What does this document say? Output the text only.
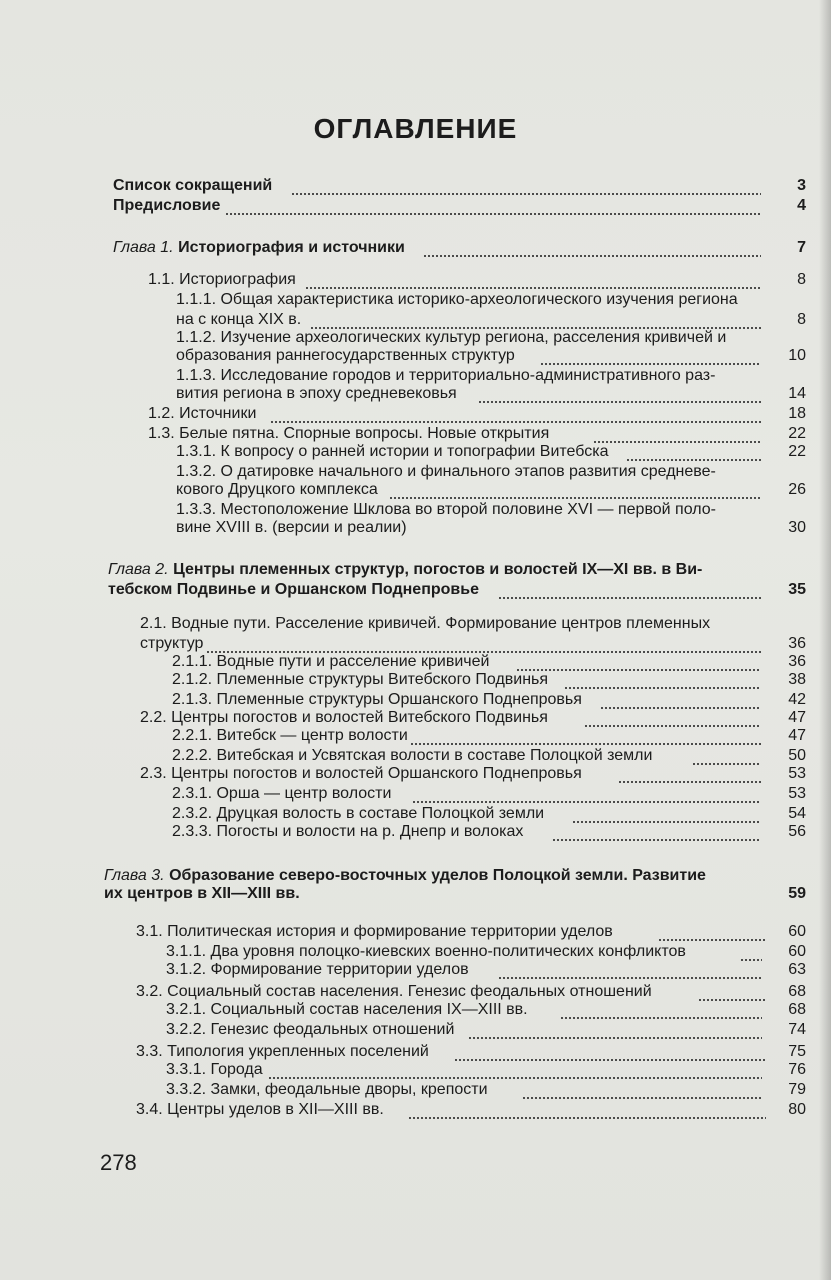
ОГЛАВЛЕНИЕ
Список сокращений	3
Предисловие	4
Глава 1. Историография и источники	7
1.1. Историография	8
1.1.1. Общая характеристика историко-археологического изучения региона
на с конца XIX в.	8
1.1.2. Изучение археологических культур региона, расселения кривичей и
образования раннегосударственных структур	10
1.1.3. Исследование городов и территориально-административного раз-
вития региона в эпоху средневековья	14
1.2. Источники	18
1.3. Белые пятна. Спорные вопросы. Новые открытия	22
1.3.1. К вопросу о ранней истории и топографии Витебска	22
1.3.2. О датировке начального и финального этапов развития средневе-
кового Друцкого комплекса	26
1.3.3. Местоположение Шклова во второй половине XVI — первой поло-
вине XVIII в. (версии и реалии)	30
Глава 2. Центры племенных структур, погостов и волостей IX—XI вв. в Ви-
тебском Подвинье и Оршанском Поднепровье	35
2.1. Водные пути. Расселение кривичей. Формирование центров племенных
структур	36
2.1.1. Водные пути и расселение кривичей	36
2.1.2. Племенные структуры Витебского Подвинья	38
2.1.3. Племенные структуры Оршанского Поднепровья	42
2.2. Центры погостов и волостей Витебского Подвинья	47
2.2.1. Витебск — центр волости	47
2.2.2. Витебская и Усвятская волости в составе Полоцкой земли	50
2.3. Центры погостов и волостей Оршанского Поднепровья	53
2.3.1. Орша — центр волости	53
2.3.2. Друцкая волость в составе Полоцкой земли	54
2.3.3. Погосты и волости на р. Днепр и волоках	56
Глава 3. Образование северо-восточных уделов Полоцкой земли. Развитие
их центров в XII—XIII вв.	59
3.1. Политическая история и формирование территории уделов	60
3.1.1. Два уровня полоцко-киевских военно-политических конфликтов	60
3.1.2. Формирование территории уделов	63
3.2. Социальный состав населения. Генезис феодальных отношений	68
3.2.1. Социальный состав населения IX—XIII вв.	68
3.2.2. Генезис феодальных отношений	74
3.3. Типология укрепленных поселений	75
3.3.1. Города	76
3.3.2. Замки, феодальные дворы, крепости	79
3.4. Центры уделов в XII—XIII вв.	80
278
